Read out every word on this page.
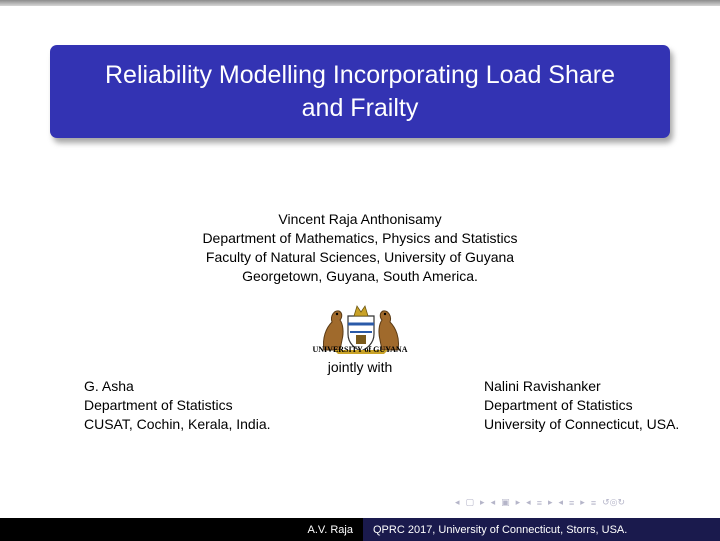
Reliability Modelling Incorporating Load Share
and Frailty
Vincent Raja Anthonisamy
Department of Mathematics, Physics and Statistics
Faculty of Natural Sciences, University of Guyana
Georgetown, Guyana, South America.
UNIVERSITY of GUYANA
jointly with
G. Asha
Department of Statistics
CUSAT, Cochin, Kerala, India.
Nalini Ravishanker
Department of Statistics
University of Connecticut, USA.
◂ ▢ ▸ ◂ ▣ ▸ ◂ ≡ ▸ ◂ ≡ ▸ ≡ ↺◎↻
A.V. Raja	QPRC 2017, University of Connecticut, Storrs, USA.
